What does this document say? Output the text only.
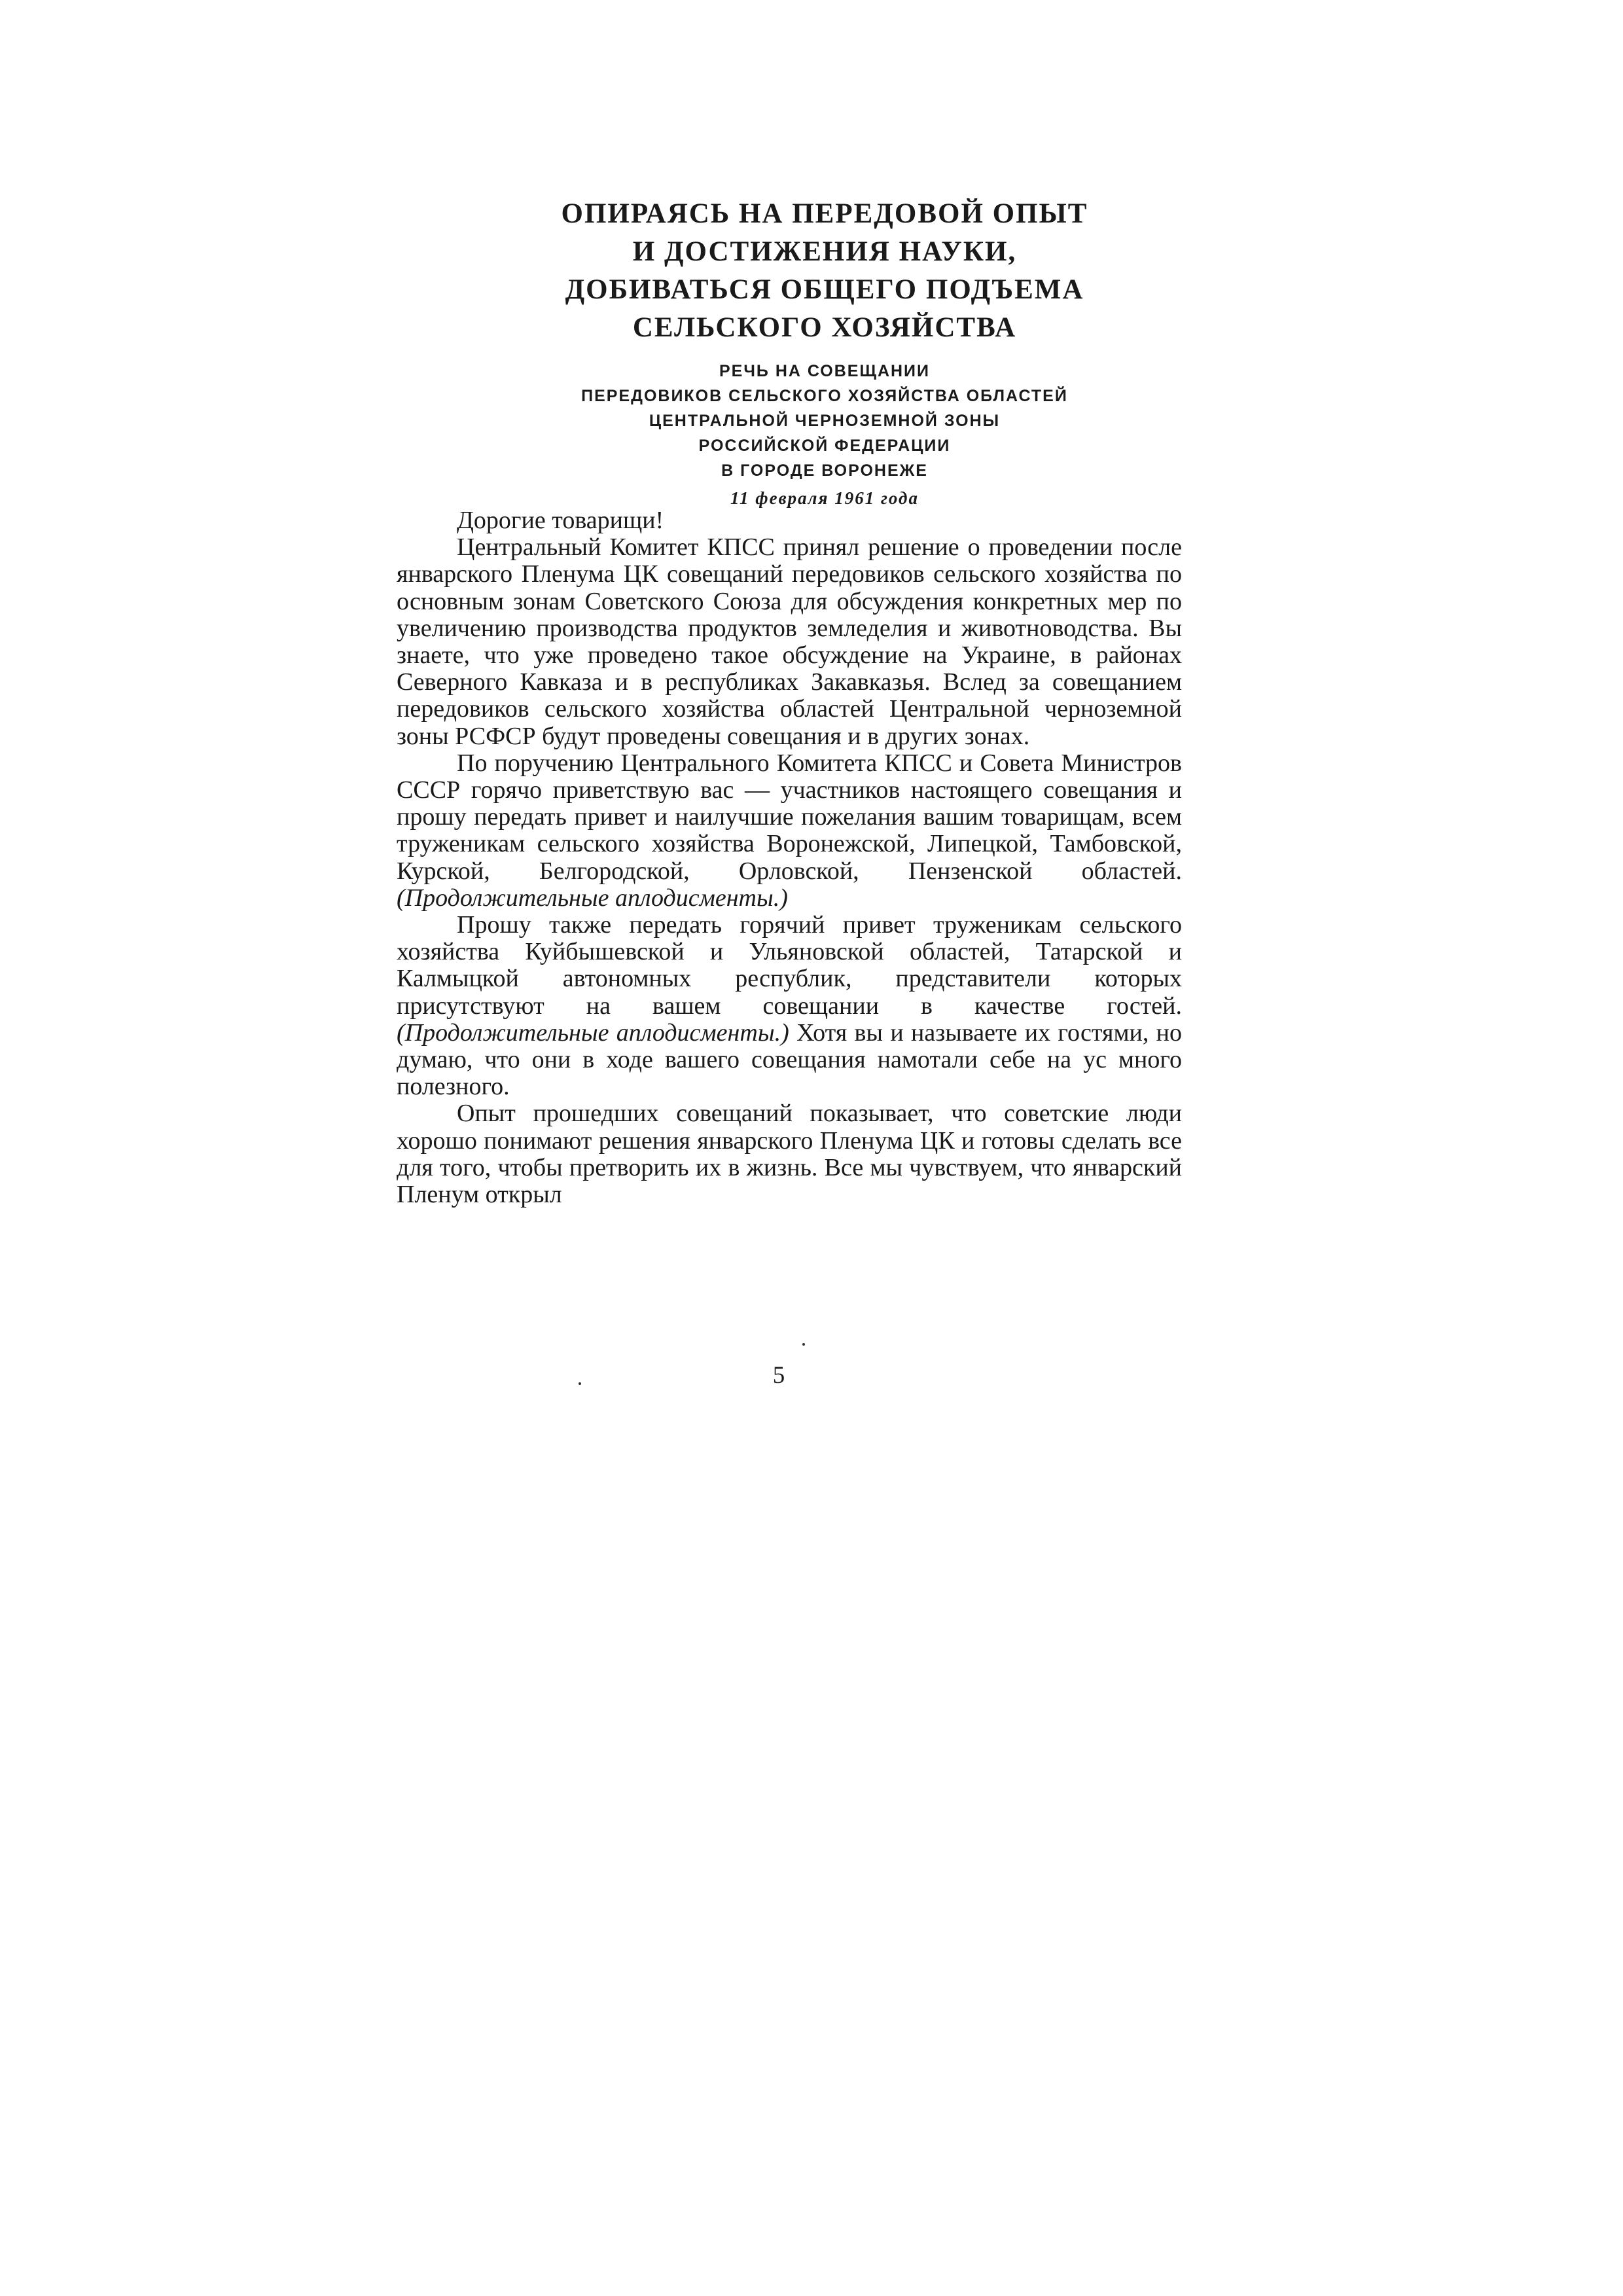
ОПИРАЯСЬ НА ПЕРЕДОВОЙ ОПЫТ

И ДОСТИЖЕНИЯ НАУКИ,

ДОБИВАТЬСЯ ОБЩЕГО ПОДЪЕМА

СЕЛЬСКОГО ХОЗЯЙСТВА

РЕЧЬ НА СОВЕЩАНИИ

ПЕРЕДОВИКОВ СЕЛЬСКОГО ХОЗЯЙСТВА ОБЛАСТЕЙ

ЦЕНТРАЛЬНОЙ ЧЕРНОЗЕМНОЙ ЗОНЫ

РОССИЙСКОЙ ФЕДЕРАЦИИ

В ГОРОДЕ ВОРОНЕЖЕ

11 февраля 1961 года

Дорогие товарищи!

Центральный Комитет КПСС принял решение о проведении после январского Пленума ЦК совещаний передовиков сельского хозяйства по основным зонам Советского Союза для обсуждения конкретных мер по увеличению производства продуктов земледелия и животноводства. Вы знаете, что уже проведено такое обсуждение на Украине, в районах Северного Кавказа и в республиках Закавказья. Вслед за совещанием передовиков сельского хозяйства областей Центральной черноземной зоны РСФСР будут проведены совещания и в других зонах.

По поручению Центрального Комитета КПСС и Совета Министров СССР горячо приветствую вас — участников настоящего совещания и прошу передать привет и наилучшие пожелания вашим товарищам, всем труженикам сельского хозяйства Воронежской, Липецкой, Тамбовской, Курской, Белгородской, Орловской, Пензенской областей. (Продолжительные аплодисменты.)

Прошу также передать горячий привет труженикам сельского хозяйства Куйбышевской и Ульяновской областей, Татарской и Калмыцкой автономных республик, представители которых присутствуют на вашем совещании в качестве гостей. (Продолжительные аплодисменты.) Хотя вы и называете их гостями, но думаю, что они в ходе вашего совещания намотали себе на ус много полезного.

Опыт прошедших совещаний показывает, что советские люди хорошо понимают решения январского Пленума ЦК и готовы сделать все для того, чтобы претворить их в жизнь. Все мы чувствуем, что январский Пленум открыл

5
